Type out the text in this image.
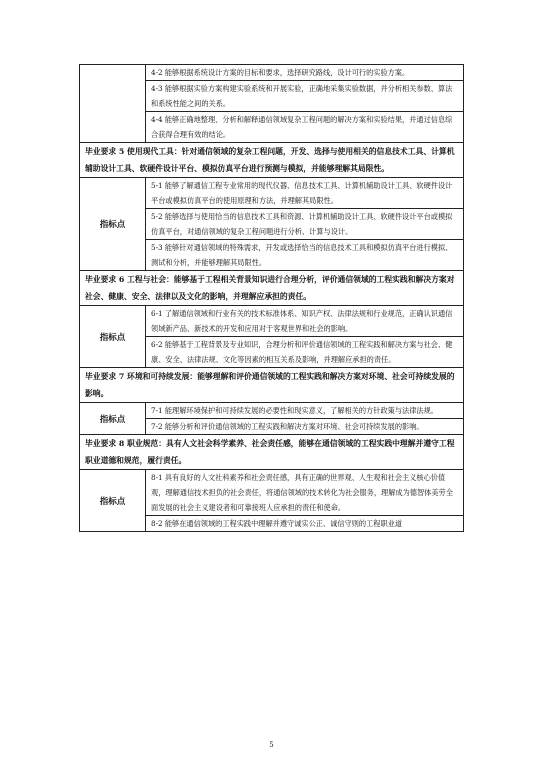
	4-2 能够根据系统设计方案的目标和要求，选择研究路线，设计可行的实验方案。
	4-3 能够根据实验方案构建实验系统和开展实验，正确地采集实验数据，并分析相关参数、算法和系统性能之间的关系。
	4-4 能够正确地整理、分析和解释通信领域复杂工程问题的解决方案和实验结果，并通过信息综合获得合理有效的结论。
毕业要求 5 使用现代工具：针对通信领域的复杂工程问题，开发、选择与使用相关的信息技术工具、计算机辅助设计工具、软硬件设计平台、模拟仿真平台进行预测与模拟，并能够理解其局限性。	
指标点	5-1 能够了解通信工程专业常用的现代仪器、信息技术工具、计算机辅助设计工具、软硬件设计平台或模拟仿真平台的使用原理和方法，并理解其局限性。
	5-2 能够选择与使用恰当的信息技术工具和资源、计算机辅助设计工具、软硬件设计平台或模拟仿真平台，对通信领域的复杂工程问题进行分析、计算与设计。
	5-3 能够针对通信领域的特殊需求，开发或选择恰当的信息技术工具和模拟仿真平台进行模拟、测试和分析，并能够理解其局限性。
毕业要求 6 工程与社会：能够基于工程相关背景知识进行合理分析，评价通信领域的工程实践和解决方案对社会、健康、安全、法律以及文化的影响，并理解应承担的责任。	
指标点	6-1 了解通信领域和行业有关的技术标准体系、知识产权、法律法规和行业规范，正确认识通信领域新产品、新技术的开发和应用对于客观世界和社会的影响。
	6-2 能够基于工程背景及专业知识，合理分析和评价通信领域的工程实践和解决方案与社会、健康、安全、法律法规、文化等因素的相互关系及影响，并理解应承担的责任。
毕业要求 7 环境和可持续发展：能够理解和评价通信领域的工程实践和解决方案对环境、社会可持续发展的影响。	
指标点	7-1 能理解环境保护和可持续发展的必要性和现实意义，了解相关的方针政策与法律法规。
	7-2 能够分析和评价通信领域的工程实践和解决方案对环境、社会可持续发展的影响。
毕业要求 8 职业规范：具有人文社会科学素养、社会责任感，能够在通信领域的工程实践中理解并遵守工程职业道德和规范，履行责任。	
指标点	8-1 具有良好的人文社科素养和社会责任感，具有正确的世界观、人生观和社会主义核心价值观，理解通信技术担负的社会责任，将通信领域的技术转化为社会服务，理解成为德智体美劳全面发展的社会主义建设者和可靠接班人应承担的责任和使命。
	8-2 能够在通信领域的工程实践中理解并遵守诚实公正、诚信守则的工程职业道
5
